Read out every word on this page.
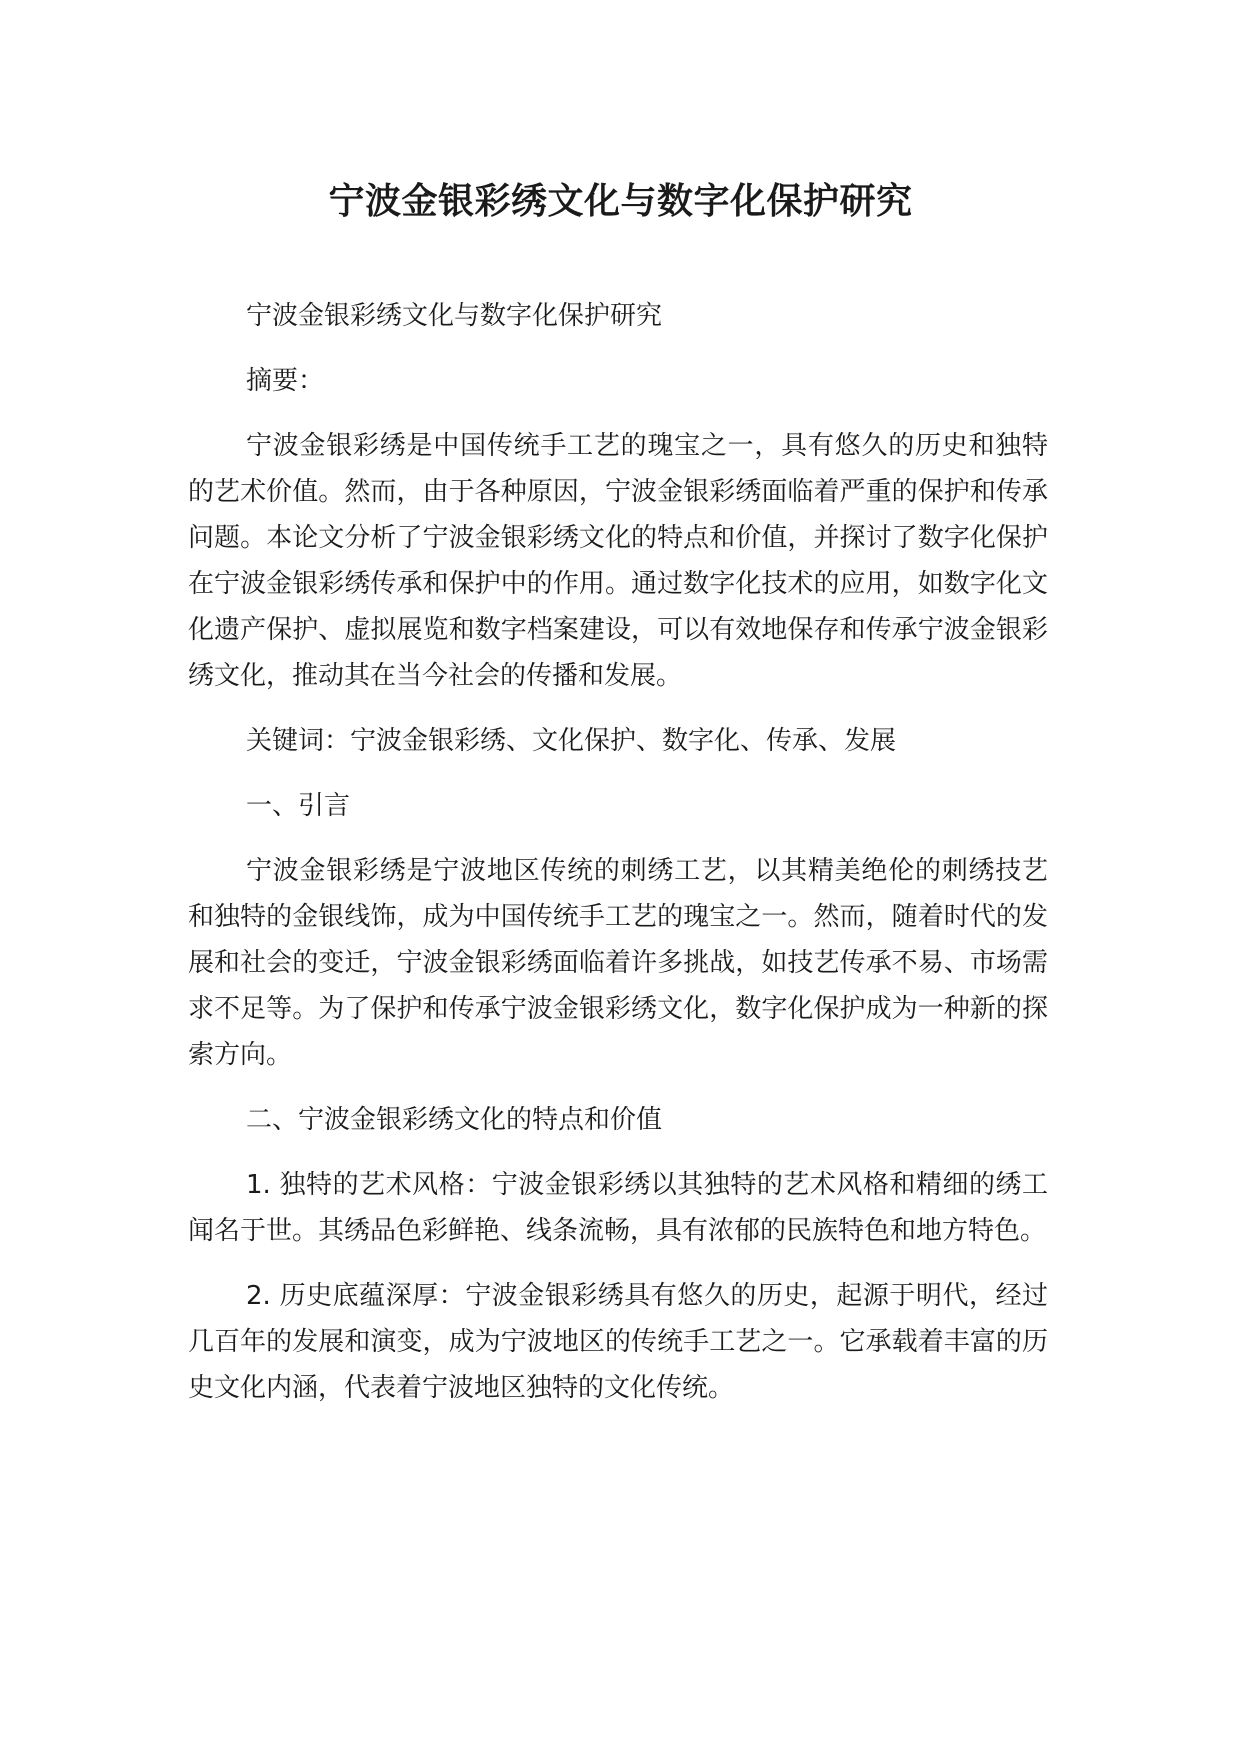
宁波金银彩绣文化与数字化保护研究

宁波金银彩绣文化与数字化保护研究

摘要：

宁波金银彩绣是中国传统手工艺的瑰宝之一，具有悠久的历史和独特的艺术价值。然而，由于各种原因，宁波金银彩绣面临着严重的保护和传承问题。本论文分析了宁波金银彩绣文化的特点和价值，并探讨了数字化保护在宁波金银彩绣传承和保护中的作用。通过数字化技术的应用，如数字化文化遗产保护、虚拟展览和数字档案建设，可以有效地保存和传承宁波金银彩绣文化，推动其在当今社会的传播和发展。

关键词：宁波金银彩绣、文化保护、数字化、传承、发展

一、引言

宁波金银彩绣是宁波地区传统的刺绣工艺，以其精美绝伦的刺绣技艺和独特的金银线饰，成为中国传统手工艺的瑰宝之一。然而，随着时代的发展和社会的变迁，宁波金银彩绣面临着许多挑战，如技艺传承不易、市场需求不足等。为了保护和传承宁波金银彩绣文化，数字化保护成为一种新的探索方向。

二、宁波金银彩绣文化的特点和价值

1. 独特的艺术风格：宁波金银彩绣以其独特的艺术风格和精细的绣工闻名于世。其绣品色彩鲜艳、线条流畅，具有浓郁的民族特色和地方特色。

2. 历史底蕴深厚：宁波金银彩绣具有悠久的历史，起源于明代，经过几百年的发展和演变，成为宁波地区的传统手工艺之一。它承载着丰富的历史文化内涵，代表着宁波地区独特的文化传统。
